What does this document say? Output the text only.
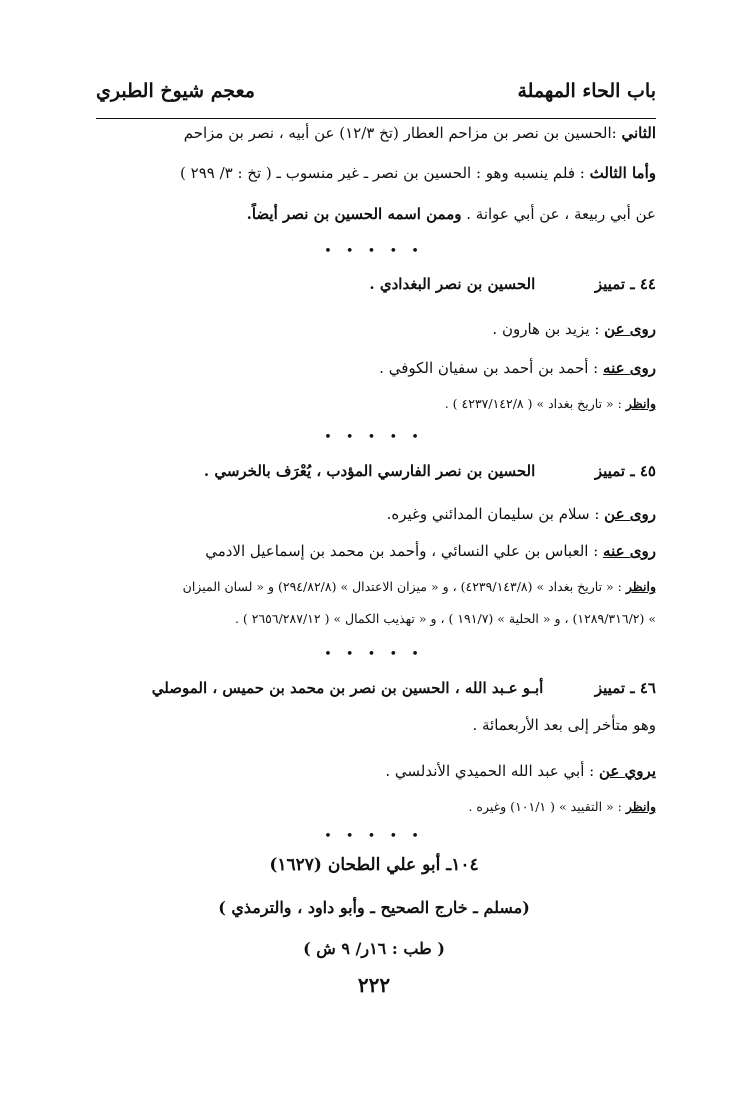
باب الحاء المهملة
معجم شيوخ الطبري
الثاني :الحسين بن نصر بن مزاحم العطار (تخ ١٢/٣) عن أبيه ، نصر بن مزاحم
وأما الثالث : فلم ينسبه وهو : الحسين بن نصر ـ غير منسوب ـ ( تخ : ٣/ ٢٩٩ )
عن أبي ربيعة ، عن أبي عوانة . وممن اسمه الحسين بن نصر أيضاً.
• • • • •
٤٤ ـ تمييز  الحسين بن نصر البغدادي .
روى عن : يزيد بن هارون .
روى عنه : أحمد بن أحمد بن سفيان الكوفي .
وانظر : « تاريخ بغداد » ( ٤٢٣٧/١٤٢/٨ ) .
• • • • •
٤٥ ـ تمييز  الحسين بن نصر الفارسي المؤدب ، يُعْرَف بالخرسي .
روى عن : سلام بن سليمان المدائني وغيره.
روى عنه : العباس بن علي النسائي ، وأحمد بن محمد بن إسماعيل الادمي
وانظر : « تاريخ بغداد » (٤٢٣٩/١٤٣/٨) ، و « ميزان الاعتدال » (٢٩٤/٨٢/٨) و « لسان الميزان
» (١٢٨٩/٣١٦/٢) ، و « الحلية » (١٩١/٧ ) ، و « تهذيب الكمال » ( ٢٦٥٦/٢٨٧/١٢ ) .
• • • • •
٤٦ ـ تمييز  أبـو عـبد الله ، الحسين بن نصر بن محمد بن حميس ، الموصلي
وهو متأخر إلى بعد الأربعمائة .
يروي عن : أبي عبد الله الحميدي الأندلسي .
وانظر : « التقييد » ( ١٠١/١) وغيره .
• • • • •
١٠٤ـ أبو علي الطحان (١٦٢٧)
(مسلم ـ خارج الصحيح ـ وأبو داود ، والترمذي )
( طب : ١٦ر/ ٩ ش )
٢٢٢
